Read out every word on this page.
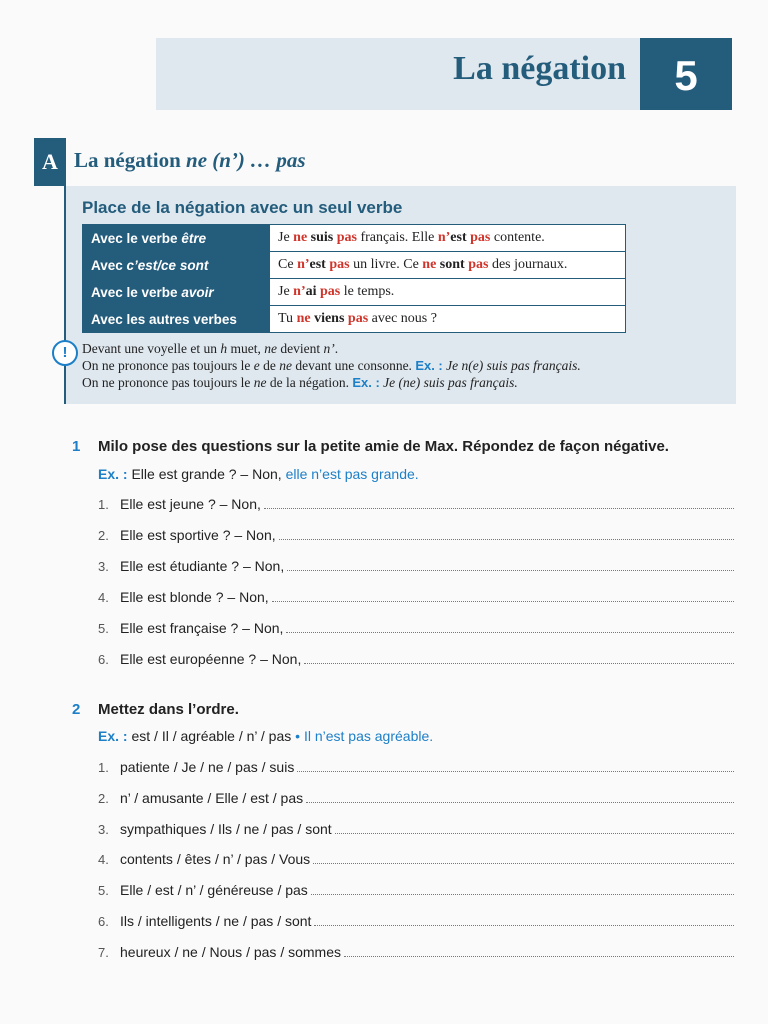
La négation	5
A La négation ne (n’) … pas
Place de la négation avec un seul verbe
Avec le verbe être	Je ne suis pas français. Elle n’est pas contente.
Avec c’est/ce sont	Ce n’est pas un livre. Ce ne sont pas des journaux.
Avec le verbe avoir	Je n’ai pas le temps.
Avec les autres verbes	Tu ne viens pas avec nous ?
!	Devant une voyelle et un h muet, ne devient n’.
On ne prononce pas toujours le e de ne devant une consonne. Ex. : Je n(e) suis pas français.
On ne prononce pas toujours le ne de la négation. Ex. : Je (ne) suis pas français.
1 Milo pose des questions sur la petite amie de Max. Répondez de façon négative.
Ex. : Elle est grande ? – Non, elle n’est pas grande.
1. Elle est jeune ? – Non,
2. Elle est sportive ? – Non,
3. Elle est étudiante ? – Non,
4. Elle est blonde ? – Non,
5. Elle est française ? – Non,
6. Elle est européenne ? – Non,
2 Mettez dans l’ordre.
Ex. : est / Il / agréable / n’ / pas • Il n’est pas agréable.
1. patiente / Je / ne / pas / suis
2. n’ / amusante / Elle / est / pas
3. sympathiques / Ils / ne / pas / sont
4. contents / êtes / n’ / pas / Vous
5. Elle / est / n’ / généreuse / pas
6. Ils / intelligents / ne / pas / sont
7. heureux / ne / Nous / pas / sommes
